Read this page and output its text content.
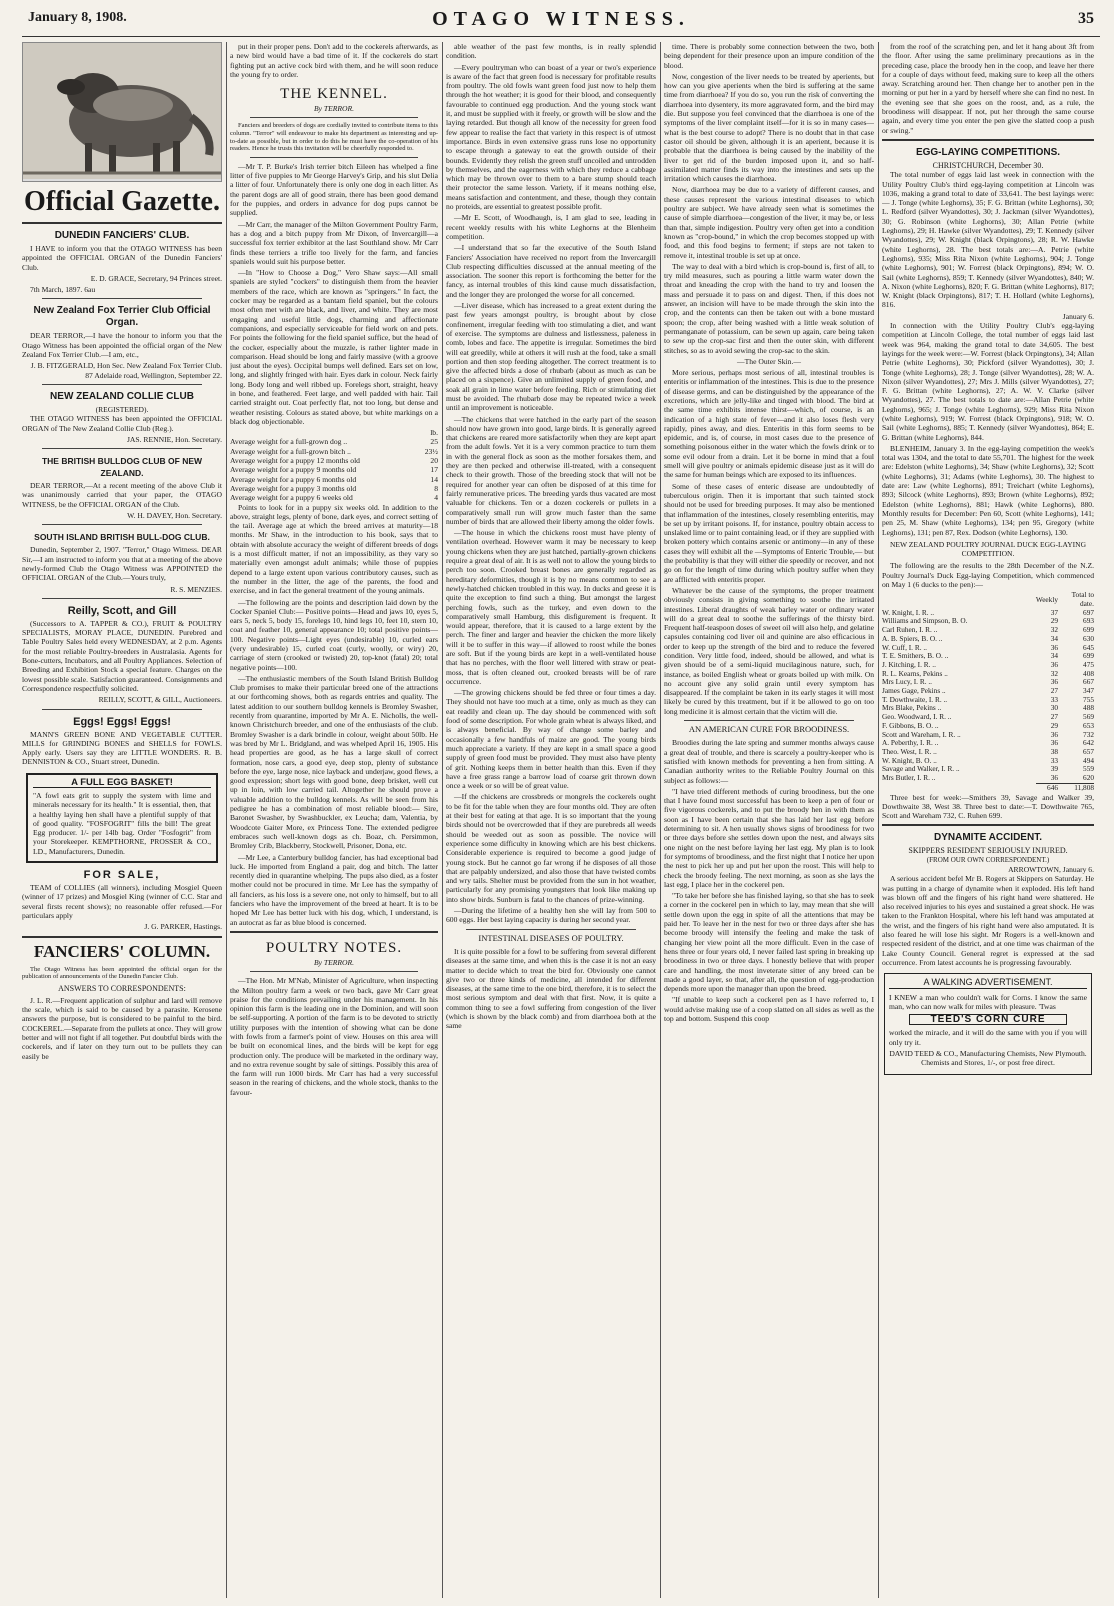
January 8, 1908.	OTAGO WITNESS.	35
Official Gazette.
DUNEDIN FANCIERS' CLUB.

I HAVE to inform you that the OTAGO WITNESS has been appointed the OFFICIAL ORGAN of the Dunedin Fanciers' Club.

E. D. GRACE, Secretary, 94 Princes street.

7th March, 1897. 6au

New Zealand Fox Terrier Club Official Organ.

DEAR TERROR,—I have the honour to inform you that the Otago Witness has been appointed the official organ of the New Zealand Fox Terrier Club.—I am, etc.,

J. B. FITZGERALD, Hon Sec. New Zealand Fox Terrier Club. 87 Adelaide road, Wellington, September 22.

NEW ZEALAND COLLIE CLUB
(REGISTERED).

THE OTAGO WITNESS has been appointed the OFFICIAL ORGAN of The New Zealand Collie Club (Reg.).

JAS. RENNIE, Hon. Secretary.

THE BRITISH BULLDOG CLUB OF NEW ZEALAND.

DEAR TERROR,—At a recent meeting of the above Club it was unanimously carried that your paper, the OTAGO WITNESS, be the OFFICIAL ORGAN of the Club.

W. H. DAVEY, Hon. Secretary.

SOUTH ISLAND BRITISH BULL-DOG CLUB.

Dunedin, September 2, 1907. "Terror," Otago Witness. DEAR Sir,—I am instructed to inform you that at a meeting of the above newly-formed Club the Otago Witness was APPOINTED the OFFICIAL ORGAN of the Club.—Yours truly,

R. S. MENZIES.

Reilly, Scott, and Gill

(Successors to A. TAPPER & CO.), FRUIT & POULTRY SPECIALISTS, MORAY PLACE, DUNEDIN. Purebred and Table Poultry Sales held every WEDNESDAY, at 2 p.m. Agents for the most reliable Poultry-breeders in Australasia. Agents for Bone-cutters, Incubators, and all Poultry Appliances. Selection of Breeding and Exhibition Stock a special feature. Charges on the lowest possible scale. Satisfaction guaranteed. Consignments and Correspondence respectfully solicited.

REILLY, SCOTT, & GILL, Auctioneers.

Eggs! Eggs! Eggs!

MANN'S GREEN BONE AND VEGETABLE CUTTER. MILLS for GRINDING BONES and SHELLS for FOWLS. Apply early. Users say they are LITTLE WONDERS. R. B. DENNISTON & CO., Stuart street, Dunedin.

A FULL EGG BASKET!

"A fowl eats grit to supply the system with lime and minerals necessary for its health." It is essential, then, that a healthy laying hen shall have a plentiful supply of that of good quality. "FOSFOGRIT" fills the bill! The great Egg producer. 1/- per 14lb bag. Order "Fosfogrit" from your Storekeeper. KEMPTHORNE, PROSSER & CO., LD., Manufacturers, Dunedin.

FOR SALE,

TEAM of COLLIES (all winners), including Mosgiel Queen (winner of 17 prizes) and Mosgiel King (winner of C.C. Star and several firsts recent shows); no reasonable offer refused.—For particulars apply

J. G. PARKER, Hastings.

FANCIERS' COLUMN.

The Otago Witness has been appointed the official organ for the publication of announcements of the Dunedin Fancier Club.

ANSWERS TO CORRESPONDENTS:

J. L. R.—Frequent application of sulphur and lard will remove the scale, which is said to be caused by a parasite. Kerosene answers the purpose, but is considered to be painful to the bird. COCKEREL.—Separate from the pullets at once. They will grow better and will not fight if all together. Put doubtful birds with the cockerels, and if later on they turn out to be pullets they can easily be

put in their proper pens. Don't add to the cockerels afterwards, as a new bird would have a bad time of it. If the cockerels do start fighting put an active cock bird with them, and he will soon reduce the young fry to order.

THE KENNEL.
By TERROR.

Fanciers and breeders of dogs are cordially invited to contribute items to this column. "Terror" will endeavour to make his department as interesting and up-to-date as possible, but in order to do this he must have the co-operation of his readers. Hence he trusts this invitation will be cheerfully responded to.

—Mr T. P. Burke's Irish terrier bitch Eileen has whelped a fine litter of five puppies to Mr George Harvey's Grip, and his slut Delia a litter of four. Unfortunately there is only one dog in each litter. As the parent dogs are all of good strain, there has been good demand for the puppies, and orders in advance for dog pups cannot be supplied.

—Mr Carr, the manager of the Milton Government Poultry Farm, has a dog and a bitch puppy from Mr Dixon, of Invercargill—a successful fox terrier exhibitor at the last Southland show. Mr Carr finds these terriers a trifle too lively for the farm, and fancies spaniels would suit his purpose better.

—In "How to Choose a Dog," Vero Shaw says:—All small spaniels are styled "cockers" to distinguish them from the heavier members of the race, which are known as "springers." In fact, the cocker may be regarded as a bantam field spaniel, but the colours most often met with are black, and liver, and white. They are most engaging and useful little dogs, charming and affectionate companions, and especially serviceable for field work on and pets. For points the following for the field spaniel suffice, but the head of the cocker, especially about the muzzle, is rather lighter made in comparison. Head should be long and fairly massive (with a groove just about the eyes). Occipital bumps well defined. Ears set on low, long, and slightly fringed with hair. Eyes dark in colour. Neck fairly long. Body long and well ribbed up. Forelegs short, straight, heavy in bone, and feathered. Feet large, and well padded with hair. Tail carried straight out. Coat perfectly flat, not too long, but dense and weather resisting. Colours as stated above, but white markings on a black dog objectionable.

lb.
Average weight for a full-grown dog ..	25
Average weight for a full-grown bitch ..	23½
Average weight for a puppy 12 months old	20
Average weight for a puppy 9 months old	17
Average weight for a puppy 6 months old	14
Average weight for a puppy 3 months old	8
Average weight for a puppy 6 weeks old	4

Points to look for in a puppy six weeks old. In addition to the above, straight legs, plenty of bone, dark eyes, and correct setting of the tail. Average age at which the breed arrives at maturity—18 months. Mr Shaw, in the introduction to his book, says that to obtain with absolute accuracy the weight of different breeds of dogs is a most difficult matter, if not an impossibility, as they vary so materially even amongst adult animals; while those of puppies depend to a large extent upon various contributory causes, such as the number in the litter, the age of the parents, the food and exercise, and in fact the general treatment of the young animals.

—The following are the points and description laid down by the Cocker Spaniel Club:— Positive points—Head and jaws 10, eyes 5, ears 5, neck 5, body 15, forelegs 10, hind legs 10, feet 10, stern 10, coat and feather 10, general appearance 10; total positive points—100. Negative points—Light eyes (undesirable) 10, curled ears (very undesirable) 15, curled coat (curly, woolly, or wiry) 20, carriage of stern (crooked or twisted) 20, top-knot (fatal) 20; total negative points—100.

—The enthusiastic members of the South Island British Bulldog Club promises to make their particular breed one of the attractions at our forthcoming shows, both as regards entries and quality. The latest addition to our southern bulldog kennels is Bromley Swasher, recently from quarantine, imported by Mr A. E. Nicholls, the well-known Christchurch breeder, and one of the enthusiasts of the club. Bromley Swasher is a dark brindle in colour, weight about 50lb. He was bred by Mr L. Bridgland, and was whelped April 16, 1905. His head properties are good, as he has a large skull of correct formation, nose cars, a good eye, deep stop, plenty of substance before the eye, large nose, nice layback and underjaw, good flews, a good expression; short legs with good bone, deep brisket, well cut up in loin, with low carried tail. Altogether he should prove a valuable addition to the bulldog kennels. As will be seen from his pedigree he has a combination of most reliable blood:— Sire, Baronet Swasher, by Swashbuckler, ex Leucha; dam, Valentia, by Woodcote Gaiter More, ex Princess Tone. The extended pedigree embraces such well-known dogs as ch. Boaz, ch. Persimmon, Bromley Crib, Blackberry, Stockwell, Prisoner, Dona, etc.

—Mr Lee, a Canterbury bulldog fancier, has had exceptional bad luck. He imported from England a pair, dog and bitch. The latter recently died in quarantine whelping. The pups also died, as a foster mother could not be procured in time. Mr Lee has the sympathy of all fanciers, as his loss is a severe one, not only to himself, but to all fanciers who have the improvement of the breed at heart. It is to be hoped Mr Lee has better luck with his dog, which, I understand, is an autocrat as far as blue blood is concerned.

POULTRY NOTES.
By TERROR.

—The Hon. Mr M'Nab, Minister of Agriculture, when inspecting the Milton poultry farm a week or two back, gave Mr Carr great praise for the conditions prevailing under his management. In his opinion this farm is the leading one in the Dominion, and will soon be self-supporting. A portion of the farm is to be devoted to strictly utility purposes with the intention of showing what can be done with fowls from a farmer's point of view. Houses on this area will be built on economical lines, and the birds will be kept for egg production only. The produce will be marketed in the ordinary way, and no extra revenue sought by sale of sittings. Possibly this area of the farm will run 1000 birds. Mr Carr has had a very successful season in the rearing of chickens, and the whole stock, thanks to the favour-

able weather of the past few months, is in really splendid condition.

—Every poultryman who can boast of a year or two's experience is aware of the fact that green food is necessary for profitable results from poultry. The old fowls want green food just now to help them through the hot weather; it is good for their blood, and consequently favourable to continued egg production. And the young stock want it, and must be supplied with it freely, or growth will be slow and the laying retarded. But though all know of the necessity for green food few appear to realise the fact that variety in this respect is of utmost importance. Birds in even extensive grass runs lose no opportunity to escape through a gateway to eat the growth outside of their bounds. Evidently they relish the green stuff uncoiled and untrodden by themselves, and the eagerness with which they reduce a cabbage which may be thrown over to them to a bare stump should teach their protector the same lesson. Variety, if it means nothing else, means satisfaction and contentment, and these, though they contain no proteids, are essential to greatest possible profit.

—Mr E. Scott, of Woodhaugh, is, I am glad to see, leading in recent weekly results with his white Leghorns at the Blenheim competition.

—I understand that so far the executive of the South Island Fanciers' Association have received no report from the Invercargill Club respecting difficulties discussed at the annual meeting of the association. The sooner this report is forthcoming the better for the fancy, as internal troubles of this kind cause much dissatisfaction, and the longer they are prolonged the worse for all concerned.

—Liver disease, which has increased to a great extent during the past few years amongst poultry, is brought about by close confinement, irregular feeding with too stimulating a diet, and want of exercise. The symptoms are dulness and listlessness, paleness in comb, lobes and face. The appetite is irregular. Sometimes the bird will eat greedily, while at others it will rush at the food, take a small portion and then stop feeding altogether. The correct treatment is to give the affected birds a dose of rhubarb (about as much as can be placed on a sixpence). Give an unlimited supply of green food, and soak all grain in lime water before feeding. Rich or stimulating diet must be avoided. The rhubarb dose may be repeated twice a week until an improvement is noticeable.

—The chickens that were hatched in the early part of the season should now have grown into good, large birds. It is generally agreed that chickens are reared more satisfactorily when they are kept apart from the adult fowls. Yet it is a very common practice to turn them in with the general flock as soon as the mother forsakes them, and they are then pecked and otherwise ill-treated, with a consequent check to their growth. Those of the breeding stock that will not be required for another year can often be disposed of at this time for fairly remunerative prices. The breeding yards thus vacated are most valuable for chickens. Ten or a dozen cockerels or pullets in a comparatively small run will grow much faster than the same number of birds that are allowed their liberty among the older fowls.

—The house in which the chickens roost must have plenty of ventilation overhead. However warm it may be necessary to keep young chickens when they are just hatched, partially-grown chickens require a great deal of air. It is as well not to allow the young birds to perch too soon. Crooked breast bones are generally regarded as hereditary deformities, though it is by no means common to see a newly-hatched chicken troubled in this way. In ducks and geese it is quite the exception to find such a thing. But amongst the largest perching fowls, such as the turkey, and even down to the comparatively small Hamburg, this disfigurement is frequent. It would appear, therefore, that it is caused to a large extent by the perch. The finer and larger and heavier the chicken the more likely will it be to suffer in this way—if allowed to roost while the bones are soft. But if the young birds are kept in a well-ventilated house that has no perches, with the floor well littered with straw or peat-moss, that is often cleaned out, crooked breasts will be of rare occurrence.

—The growing chickens should be fed three or four times a day. They should not have too much at a time, only as much as they can eat readily and clean up. The day should be commenced with soft food of some description. For whole grain wheat is always liked, and is always beneficial. By way of change some barley and occasionally a few handfuls of maize are good. The young birds much appreciate a variety. If they are kept in a small space a good supply of green food must be provided. They must also have plenty of grit. Nothing keeps them in better health than this. Even if they have a free grass range a barrow load of coarse grit thrown down once a week or so will be of great value.

—If the chickens are crossbreds or mongrels the cockerels ought to be fit for the table when they are four months old. They are often at their best for eating at that age. It is so important that the young birds should not be overcrowded that if they are purebreds all weeds should be weeded out as soon as possible. The novice will experience some difficulty in knowing which are his best chickens. Considerable experience is required to become a good judge of young stock. But he cannot go far wrong if he disposes of all those that are palpably undersized, and also those that have twisted combs and wry tails. Shelter must be provided from the sun in hot weather, particularly for any promising youngsters that look like making up into show birds. Sunburn is fatal to the chances of prize-winning.

—During the lifetime of a healthy hen she will lay from 500 to 600 eggs. Her best laying capacity is during her second year.

INTESTINAL DISEASES OF POULTRY.

It is quite possible for a fowl to be suffering from several different diseases at the same time, and when this is the case it is not an easy matter to decide which to treat the bird for. Obviously one cannot give two or three kinds of medicine, all intended for different diseases, at the same time to the one bird, therefore, it is to select the most serious symptom and deal with that first. Now, it is quite a common thing to see a fowl suffering from congestion of the liver (which is shown by the black comb) and from diarrhoea both at the same

time. There is probably some connection between the two, both being dependent for their presence upon an impure condition of the blood.

Now, congestion of the liver needs to be treated by aperients, but how can you give aperients when the bird is suffering at the same time from diarrhoea? If you do so, you run the risk of converting the diarrhoea into dysentery, its more aggravated form, and the bird may die. But suppose you feel convinced that the diarrhoea is one of the symptoms of the liver complaint itself—for it is so in many cases—what is the best course to adopt? There is no doubt that in that case castor oil should be given, although it is an aperient, because it is probable that the diarrhoea is being caused by the inability of the liver to get rid of the burden imposed upon it, and so half-assimilated matter finds its way into the intestines and sets up the irritation which causes the diarrhoea.

Now, diarrhoea may be due to a variety of different causes, and these causes represent the various intestinal diseases to which poultry are subject. We have already seen what is sometimes the cause of simple diarrhoea—congestion of the liver, it may be, or less than that, simple indigestion. Poultry very often get into a condition known as "crop-bound," in which the crop becomes stopped up with food, and this food begins to ferment; if steps are not taken to remove it, intestinal trouble is set up at once.

The way to deal with a bird which is crop-bound is, first of all, to try mild measures, such as pouring a little warm water down the throat and kneading the crop with the hand to try and loosen the mass and persuade it to pass on and digest. Then, if this does not answer, an incision will have to be made through the skin into the crop, and the contents can then be taken out with a bone mustard spoon; the crop, after being washed with a little weak solution of permanganate of potassium, can be sewn up again, care being taken to sew up the crop-sac first and then the outer skin, with different stitches, so as to avoid sewing the crop-sac to the skin.

—The Outer Skin.—

More serious, perhaps most serious of all, intestinal troubles is enteritis or inflammation of the intestines. This is due to the presence of disease germs, and can be distinguished by the appearance of the excretions, which are jelly-like and tinged with blood. The bird at the same time exhibits intense thirst—which, of course, is an indication of a high state of fever—and it also loses flesh very rapidly, pines away, and dies. Enteritis in this form seems to be epidemic, and is, of course, in most cases due to the presence of something poisonous either in the water which the fowls drink or to some evil odour from a drain. Let it be borne in mind that a foul smell will give poultry or animals epidemic disease just as it will do the same for human beings which are exposed to its influences.

Some of these cases of enteric disease are undoubtedly of tuberculous origin. Then it is important that such tainted stock should not be used for breeding purposes. It may also be mentioned that inflammation of the intestines, closely resembling enteritis, may be set up by irritant poisons. If, for instance, poultry obtain access to unslaked lime or to paint containing lead, or if they are supplied with broken pottery which contains arsenic or antimony—in any of these cases they will exhibit all the —Symptoms of Enteric Trouble,— but the probability is that they will either die speedily or recover, and not go on for the length of time during which poultry suffer when they are afflicted with enteritis proper.

Whatever be the cause of the symptoms, the proper treatment obviously consists in giving something to soothe the irritated intestines. Liberal draughts of weak barley water or ordinary water will do a great deal to soothe the sufferings of the thirsty bird. Frequent half-teaspoon doses of sweet oil will also help, and gelatine capsules containing cod liver oil and quinine are also efficacious in order to keep up the strength of the bird and to reduce the fevered condition. Very little food, indeed, should be allowed, and what is given should be of a semi-liquid mucilaginous nature, such, for instance, as boiled English wheat or groats boiled up with milk. On no account give any solid grain until every symptom has disappeared. If the complaint be taken in its early stages it will most likely be cured by this treatment, but if it be allowed to go on too long medicine it is almost certain that the victim will die.

AN AMERICAN CURE FOR BROODINESS.

Broodies during the late spring and summer months always cause a great deal of trouble, and there is scarcely a poultry-keeper who is satisfied with known methods for preventing a hen from sitting. A Canadian authority writes to the Reliable Poultry Journal on this subject as follows:—

"I have tried different methods of curing broodiness, but the one that I have found most successful has been to keep a pen of four or five vigorous cockerels, and to put the broody hen in with them as soon as I have been certain that she has laid her last egg before determining to sit. A hen usually shows signs of broodiness for two or three days before she settles down upon the nest, and always sits one night on the nest before laying her last egg. My plan is to look for symptoms of broodiness, and the first night that I notice her upon the nest to pick her up and put her upon the roost. This will help to check the broody feeling. The next morning, as soon as she lays the last egg, I place her in the cockerel pen.

"To take her before she has finished laying, so that she has to seek a corner in the cockerel pen in which to lay, may mean that she will settle down upon the egg in spite of all the attentions that may be paid her. To leave her in the nest for two or three days after she has become broody will intensify the feeling and make the task of changing her view point all the more difficult. Even in the case of hens three or four years old, I never failed last spring in breaking up broodiness in two or three days. I honestly believe that with proper care and handling, the most inveterate sitter of any breed can be made a good layer, so that, after all, the question of egg-production depends more upon the manager than upon the breed.

"If unable to keep such a cockerel pen as I have referred to, I would advise making use of a coop slatted on all sides as well as the top and bottom. Suspend this coop

from the roof of the scratching pen, and let it hang about 3ft from the floor. After using the same preliminary precautions as in the preceding case, place the broody hen in the coop, and leave her there for a couple of days without feed, making sure to keep all the others away. Scratching around her. Then change her to another pen in the morning or put her in a yard by herself where she can find no nest. In the evening see that she goes on the roost, and, as a rule, the broodiness will disappear. If not, put her through the same course again, and every time you enter the pen give the slatted coop a push or swing."

EGG-LAYING COMPETITIONS.
CHRISTCHURCH, December 30.

The total number of eggs laid last week in connection with the Utility Poultry Club's third egg-laying competition at Lincoln was 1036, making a grand total to date of 33,641. The best layings were:— J. Tonge (white Leghorns), 35; F. G. Brittan (white Leghorns), 30; L. Redford (silver Wyandottes), 30; J. Jackman (silver Wyandottes), 30; G. Robinson (white Leghorns), 30; Allan Petrie (white Leghorns), 29; H. Hawke (silver Wyandottes), 29; T. Kennedy (silver Wyandottes), 29; W. Knight (black Orpingtons), 28; R. W. Hawke (white Leghorns), 28. The best totals are:—A. Petrie (white Leghorns), 935; Miss Rita Nixon (white Leghorns), 904; J. Tonge (white Leghorns), 901; W. Forrest (black Orpingtons), 894; W. O. Sail (white Leghorns), 859; T. Kennedy (silver Wyandottes), 840; W. A. Nixon (white Leghorns), 820; F. G. Brittan (white Leghorns), 817; W. Knight (black Orpingtons), 817; T. H. Hollard (white Leghorns), 816.

January 6.

In connection with the Utility Poultry Club's egg-laying competition at Lincoln College, the total number of eggs laid last week was 964, making the grand total to date 34,605. The best layings for the week were:—W. Forrest (black Orpingtons), 34; Allan Petrie (white Leghorns), 30; Pickford (silver Wyandottes), 30; J. Tonge (white Leghorns), 28; J. Tonge (silver Wyandottes), 28; W. A. Nixon (silver Wyandottes), 27; Mrs J. Mills (silver Wyandottes), 27; F. G. Brittan (white Leghorns), 27; A. W. V. Clarke (silver Wyandottes), 27. The best totals to date are:—Allan Petrie (white Leghorns), 965; J. Tonge (white Leghorns), 929; Miss Rita Nixon (white Leghorns), 919; W. Forrest (black Orpingtons), 918; W. O. Sail (white Leghorns), 885; T. Kennedy (silver Wyandottes), 864; E. G. Brittan (white Leghorns), 844.

BLENHEIM, January 3. In the egg-laying competition the week's total was 1304, and the total to date 55,701. The highest for the week are: Edelston (white Leghorns), 34; Shaw (white Leghorns), 32; Scott (white Leghorns), 31; Adams (white Leghorns), 30. The highest to date are: Law (white Leghorns), 891; Treichart (white Leghorns), 893; Silcock (white Leghorns), 893; Brown (white Leghorns), 892; Edelston (white Leghorns), 881; Hawk (white Leghorns), 880. Monthly results for December: Pen 60, Scott (white Leghorns), 141; pen 25, M. Shaw (white Leghorns), 134; pen 95, Gregory (white Leghorns), 131; pen 87, Rex. Dodson (white Leghorns), 130.

NEW ZEALAND POULTRY JOURNAL DUCK EGG-LAYING COMPETITION.

The following are the results to the 28th December of the N.Z. Poultry Journal's Duck Egg-laying Competition, which commenced on May 1 (6 ducks to the pen):—

	Weekly	Total to date.
W. Knight, I. R. ..	37	697
Williams and Simpson, B. O.	29	693
Carl Ruhen, I. R. ..	32	699
A. B. Spiers, B. O. ..	34	630
W. Cuff, I. R. ..	36	645
T. E. Smithers, B. O. ..	34	699
J. Kitching, I. R. ..	36	475
R. L. Kearns, Pekins ..	32	408
Mrs Lucy, I. R. ..	36	667
James Gage, Pekins ..	27	347
T. Dowthwaite, I. R. ..	33	755
Mrs Blake, Pekins ..	30	488
Geo. Woodward, I. R. ..	27	569
F. Gibbons, B. O. ..	29	653
Scott and Wareham, I. R. ..	36	732
A. Peberthy, I. R. ..	36	642
Theo. West, I. R. ..	38	657
W. Knight, B. O. ..	33	494
Savage and Walker, I. R. ..	39	559
Mrs Butler, I. R. ..	36	620
	646	11,808

Three best for week:—Smithers 39, Savage and Walker 39, Dowthwaite 38, West 38. Three best to date:—T. Dowthwaite 765, Scott and Wareham 732, C. Ruhen 699.

DYNAMITE ACCIDENT.
SKIPPERS RESIDENT SERIOUSLY INJURED.
(FROM OUR OWN CORRESPONDENT.)
ARROWTOWN, January 6.

A serious accident befel Mr B. Rogers at Skippers on Saturday. He was putting in a charge of dynamite when it exploded. His left hand was blown off and the fingers of his right hand were shattered. He also received injuries to his eyes and sustained a great shock. He was taken to the Frankton Hospital, where his left hand was amputated at the wrist, and the fingers of his right hand were also amputated. It is also feared he will lose his sight. Mr Rogers is a well-known and respected resident of the district, and at one time was chairman of the Lake County Council. General regret is expressed at the sad occurrence. From latest accounts he is progressing favourably.

A WALKING ADVERTISEMENT.

I KNEW a man who couldn't walk for Corns. I know the same man, who can now walk for miles with pleasure. 'Twas

TEED'S CORN CURE

worked the miracle, and it will do the same with you if you will only try it.

DAVID TEED & CO., Manufacturing Chemists, New Plymouth. Chemists and Stores, 1/-, or post free direct.
